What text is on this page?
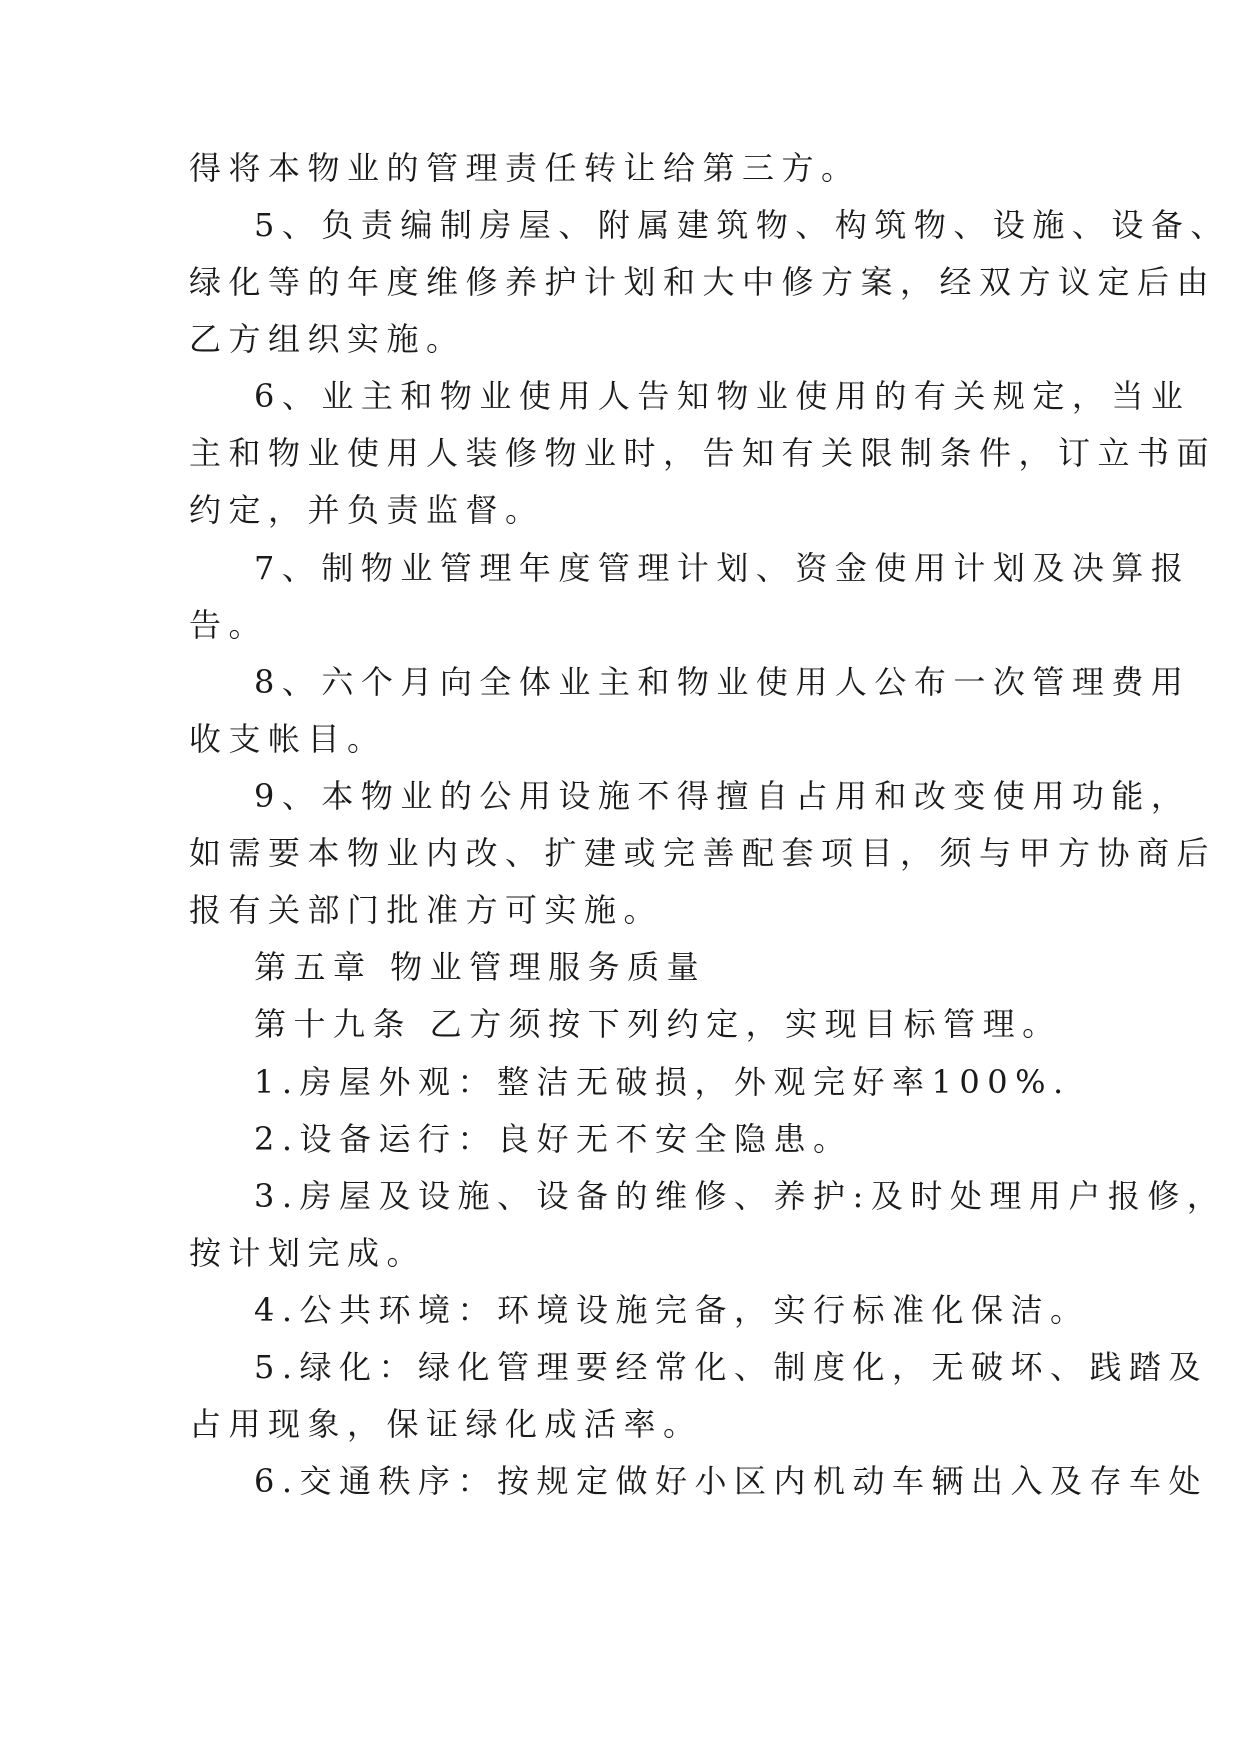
得将本物业的管理责任转让给第三方。

5、负责编制房屋、附属建筑物、构筑物、设施、设备、

绿化等的年度维修养护计划和大中修方案，经双方议定后由

乙方组织实施。

6、业主和物业使用人告知物业使用的有关规定，当业

主和物业使用人装修物业时，告知有关限制条件，订立书面

约定，并负责监督。

7、制物业管理年度管理计划、资金使用计划及决算报

告。

8、六个月向全体业主和物业使用人公布一次管理费用

收支帐目。

9、本物业的公用设施不得擅自占用和改变使用功能，

如需要本物业内改、扩建或完善配套项目，须与甲方协商后

报有关部门批准方可实施。

第五章 物业管理服务质量

第十九条 乙方须按下列约定，实现目标管理。

1.房屋外观：整洁无破损，外观完好率100%.

2.设备运行：良好无不安全隐患。

3.房屋及设施、设备的维修、养护:及时处理用户报修，

按计划完成。

4.公共环境：环境设施完备，实行标准化保洁。

5.绿化：绿化管理要经常化、制度化，无破坏、践踏及

占用现象，保证绿化成活率。

6.交通秩序：按规定做好小区内机动车辆出入及存车处
